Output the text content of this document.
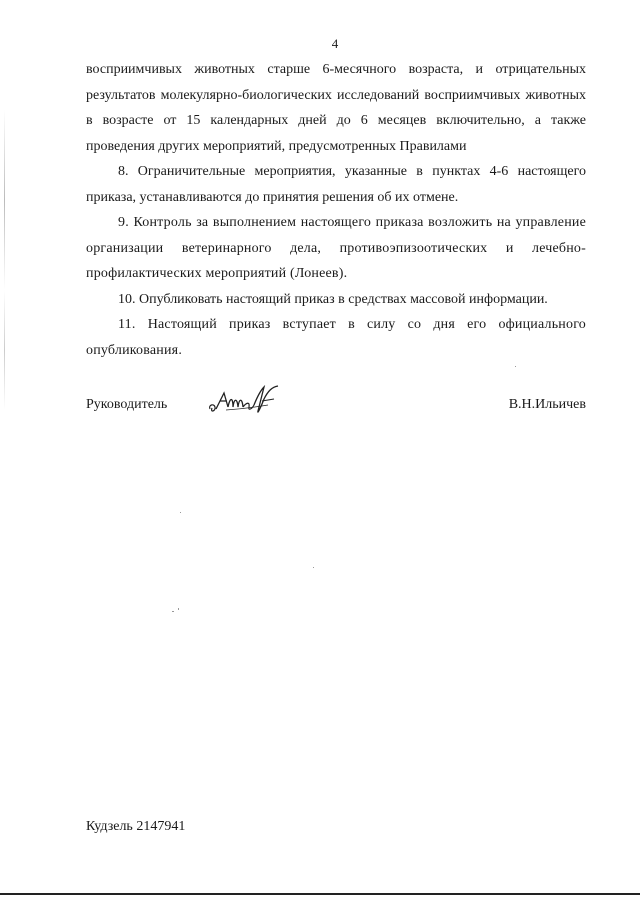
4

восприимчивых животных старше 6-месячного возраста, и отрицательных результатов молекулярно-биологических исследований восприимчивых животных в возрасте от 15 календарных дней до 6 месяцев включительно, а также проведения других мероприятий, предусмотренных Правилами

8. Ограничительные мероприятия, указанные в пунктах 4-6 настоящего приказа, устанавливаются до принятия решения об их отмене.

9. Контроль за выполнением настоящего приказа возложить на управление организации ветеринарного дела, противоэпизоотических и лечебно-профилактических мероприятий (Лонеев).

10. Опубликовать настоящий приказ в средствах массовой информации.

11. Настоящий приказ вступает в силу со дня его официального опубликования.

Руководитель	В.Н.Ильичев
Кудзель 2147941
